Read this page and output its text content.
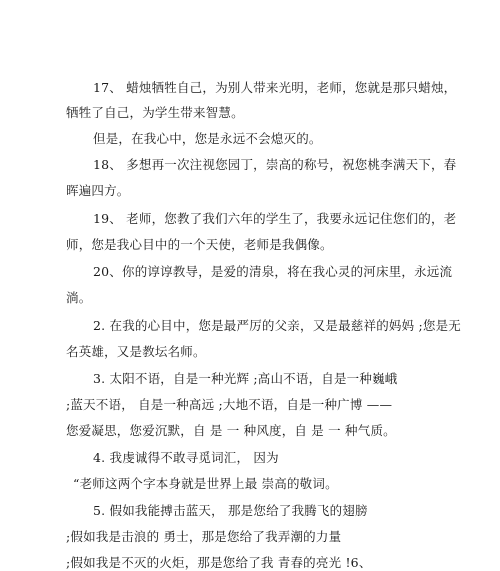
17、 蜡烛牺牲自己，为别人带来光明，老师，您就是那只蜡烛，
牺牲了自己，为学生带来智慧。
但是，在我心中，您是永远不会熄灭的。
18、 多想再一次注视您园丁，崇高的称号，祝您桃李满天下，春
晖遍四方。
19、 老师，您教了我们六年的学生了，我要永远记住您们的，老
师，您是我心目中的一个天使，老师是我偶像。
20、你的谆谆教导，是爱的清泉，将在我心灵的河床里，永远流
淌。
2. 在我的心目中，您是最严厉的父亲，又是最慈祥的妈妈 ;您是无
名英雄，又是教坛名师。
3. 太阳不语，自是一种光辉 ;高山不语，自是一种巍峨
;蓝天不语， 自是一种高远 ;大地不语，自是一种广博 ——
您爱凝思，您爱沉默，自 是 一 种风度，自 是 一 种气质。
4. 我虔诚得不敢寻觅词汇， 因为
“老师这两个字本身就是世界上最 崇高的敬词。
5. 假如我能搏击蓝天， 那是您给了我腾飞的翅膀
;假如我是击浪的 勇士，那是您给了我弄潮的力量
;假如我是不灭的火炬，那是您给了我 青春的亮光 !6、
